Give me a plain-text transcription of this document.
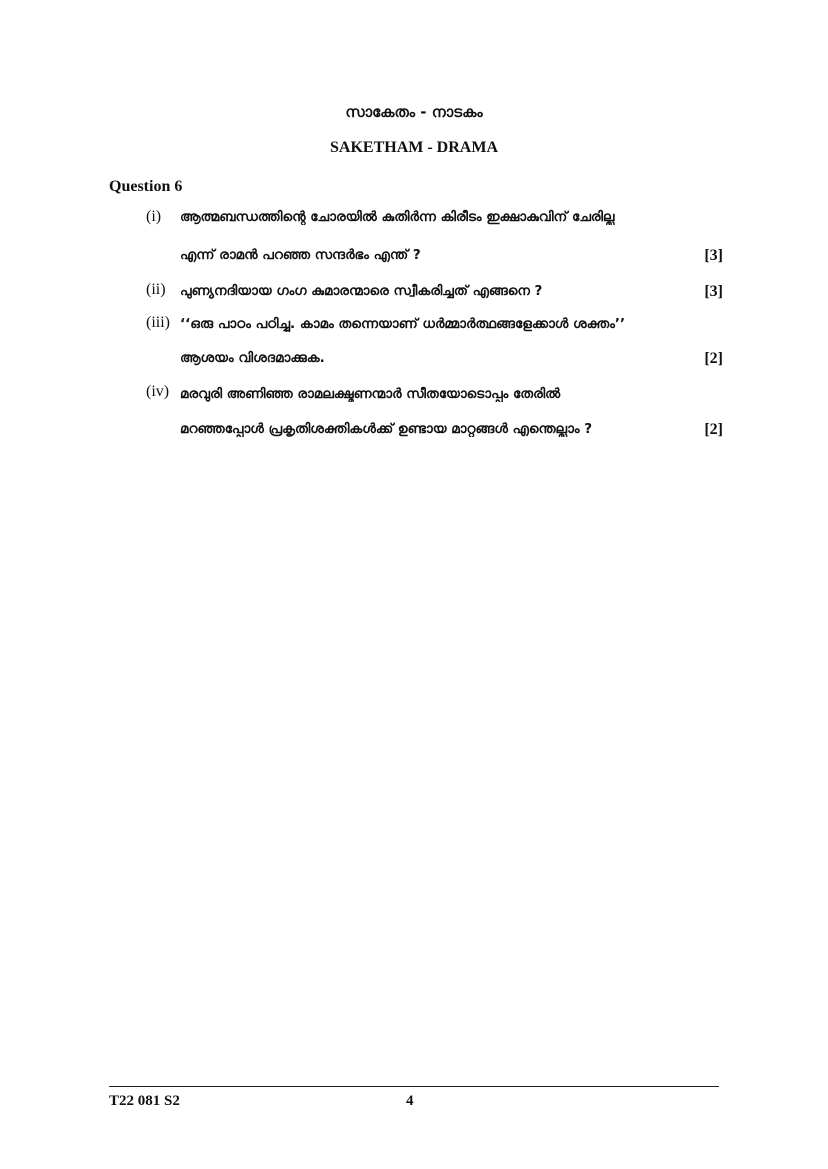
സാകേതം - നാടകം
SAKETHAM - DRAMA
Question 6
(i) ആത്മബന്ധത്തിന്റെ ചോരയിൽ കുതിർന്ന കിരീടം ഇക്ഷാകുവിന് ചേരില്ല
എന്ന് രാമൻ പറഞ്ഞ സന്ദർഭം എന്ത് ?	[3]
(ii) പുണ്യനദിയായ ഗംഗ കുമാരന്മാരെ സ്വീകരിച്ചത് എങ്ങനെ ?	[3]
(iii) ‘‘ഒരു പാഠം പഠിച്ചു. കാമം തന്നെയാണ് ധർമ്മാർത്ഥങ്ങളേക്കാൾ ശക്തം’’
ആശയം വിശദമാക്കുക.	[2]
(iv) മരവുരി അണിഞ്ഞ രാമലക്ഷ്മണന്മാർ സീതയോടൊപ്പം തേരിൽ
മറഞ്ഞപ്പോൾ പ്രകൃതിശക്തികൾക്ക് ഉണ്ടായ മാറ്റങ്ങൾ എന്തെല്ലാം ?	[2]
T22 081 S2	4
